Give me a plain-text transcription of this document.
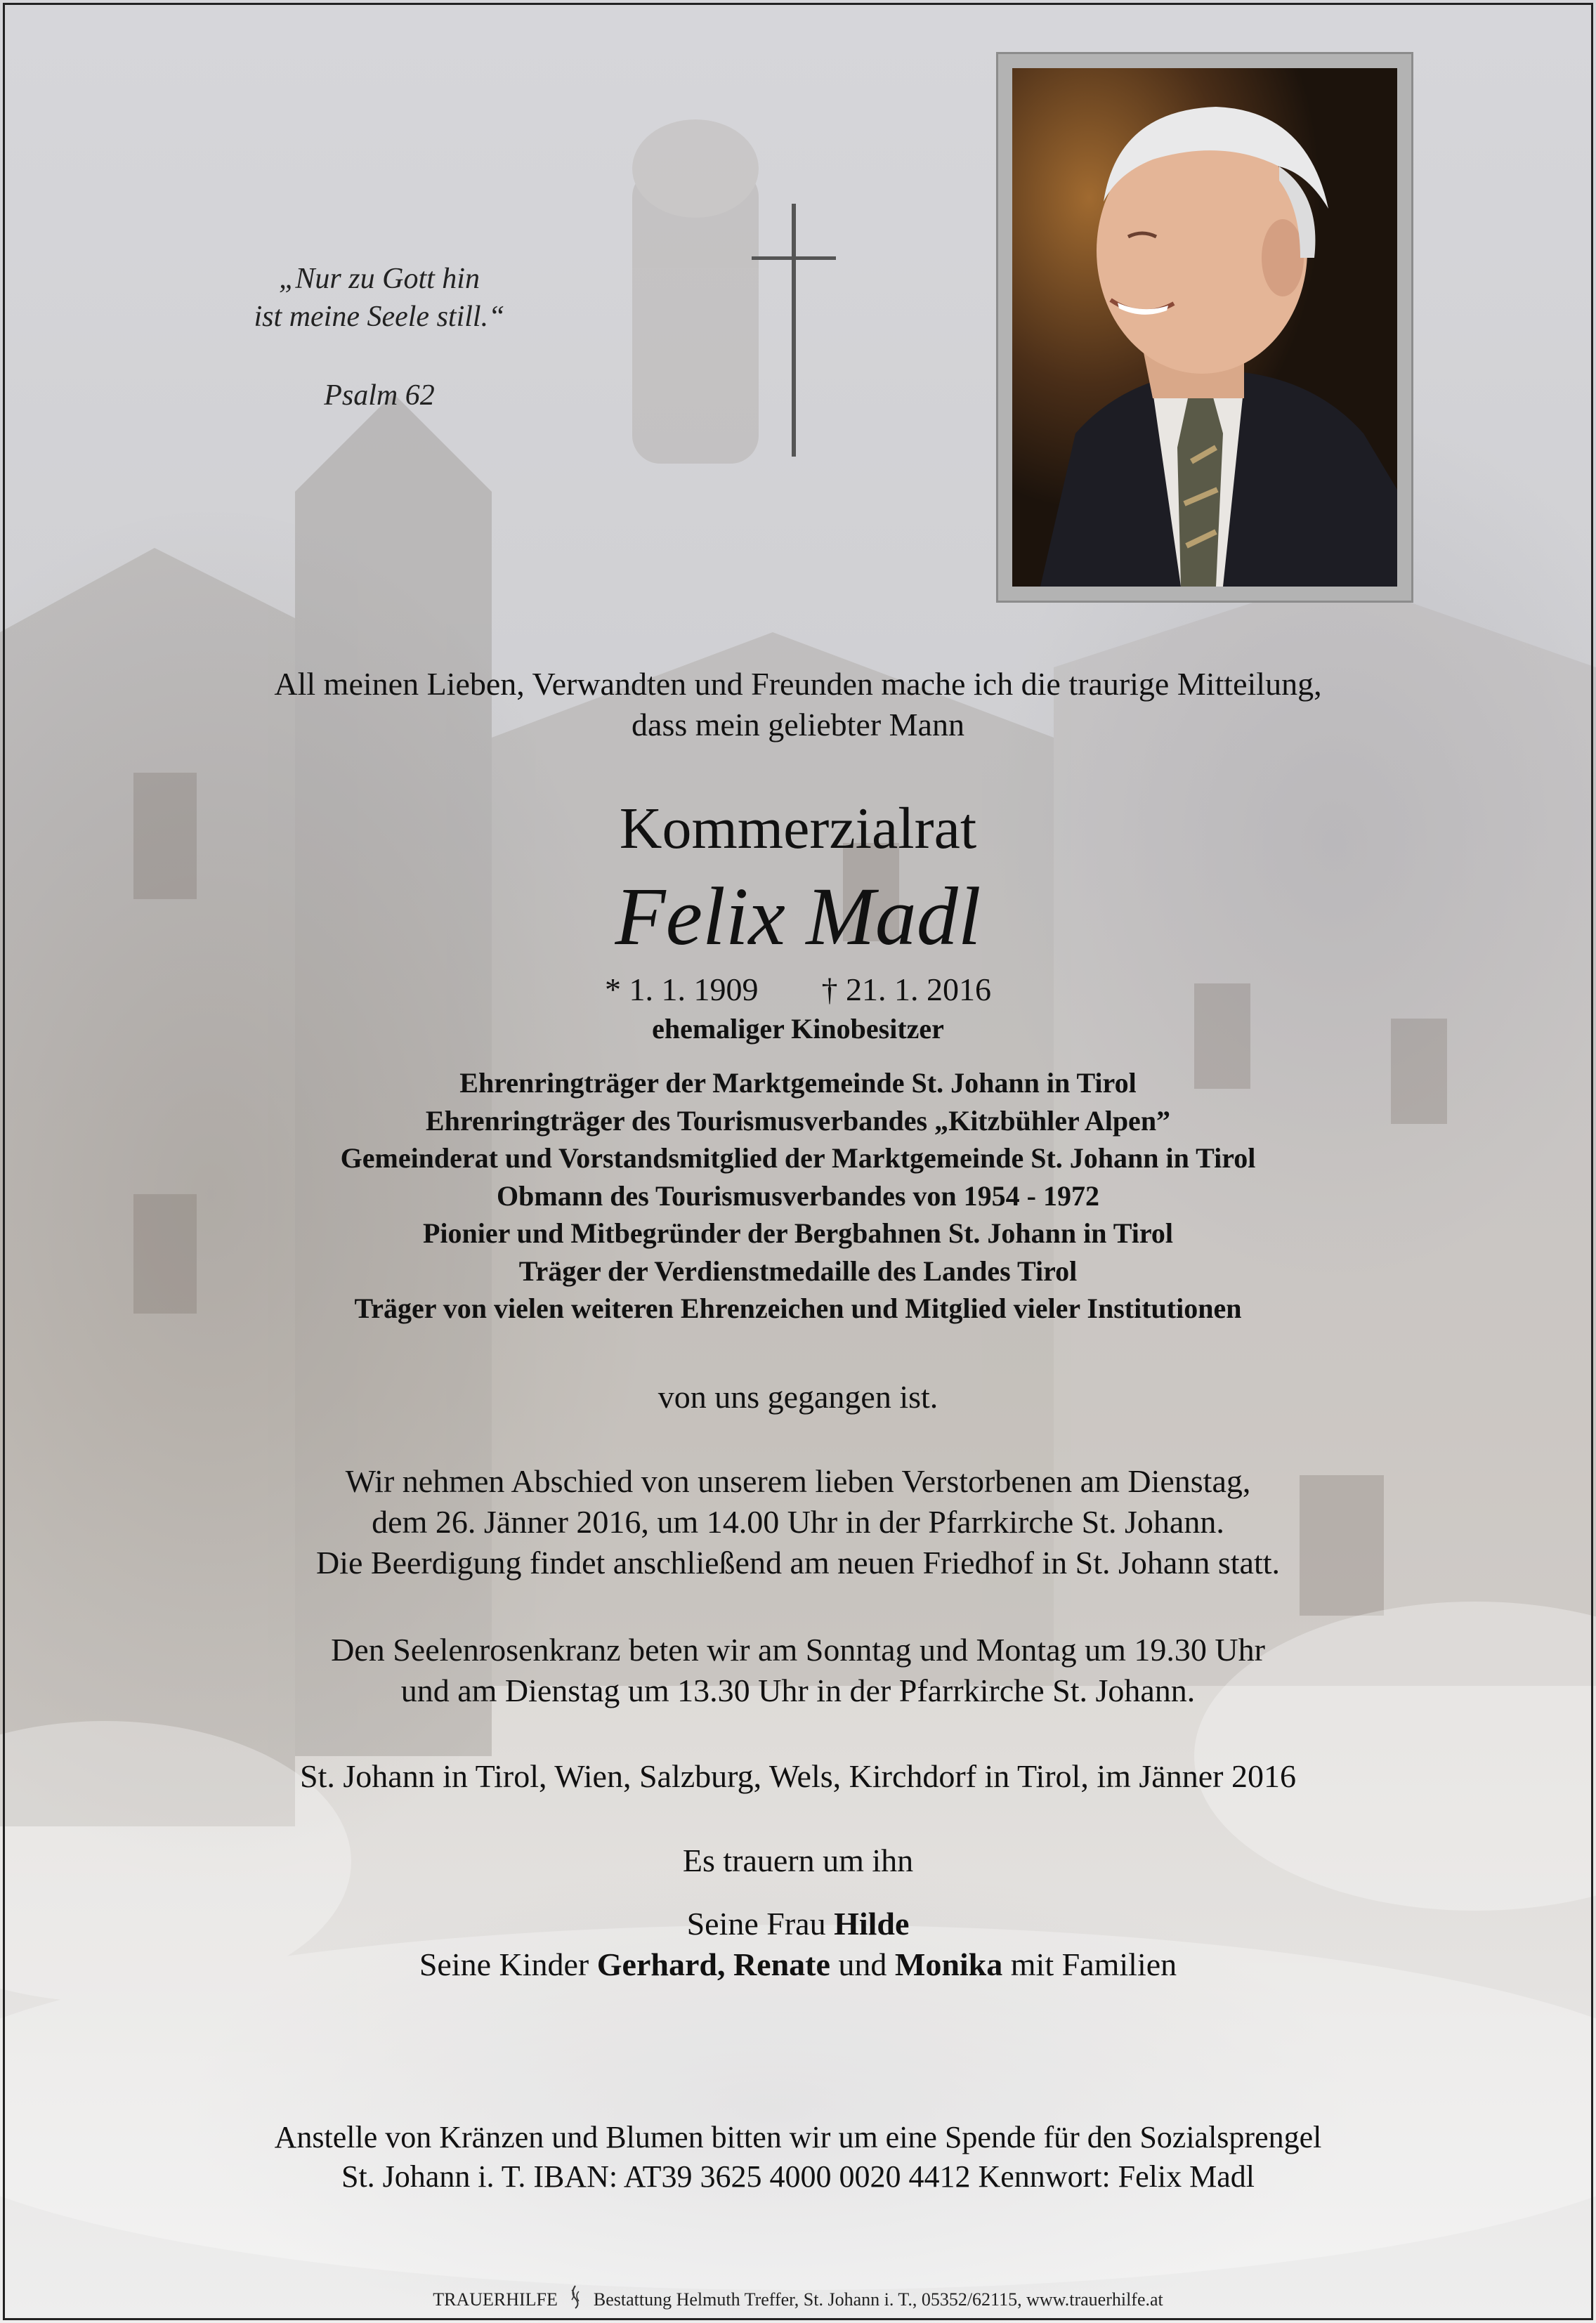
„Nur zu Gott hin
ist meine Seele still.“
Psalm 62
All meinen Lieben, Verwandten und Freunden mache ich die traurige Mitteilung,
dass mein geliebter Mann
Kommerzialrat
Felix Madl
* 1. 1. 1909 † 21. 1. 2016
ehemaliger Kinobesitzer
Ehrenringträger der Marktgemeinde St. Johann in Tirol
Ehrenringträger des Tourismusverbandes „Kitzbühler Alpen”
Gemeinderat und Vorstandsmitglied der Marktgemeinde St. Johann in Tirol
Obmann des Tourismusverbandes von 1954 - 1972
Pionier und Mitbegründer der Bergbahnen St. Johann in Tirol
Träger der Verdienstmedaille des Landes Tirol
Träger von vielen weiteren Ehrenzeichen und Mitglied vieler Institutionen
von uns gegangen ist.
Wir nehmen Abschied von unserem lieben Verstorbenen am Dienstag,
dem 26. Jänner 2016, um 14.00 Uhr in der Pfarrkirche St. Johann.
Die Beerdigung findet anschließend am neuen Friedhof in St. Johann statt.
Den Seelenrosenkranz beten wir am Sonntag und Montag um 19.30 Uhr
und am Dienstag um 13.30 Uhr in der Pfarrkirche St. Johann.
St. Johann in Tirol, Wien, Salzburg, Wels, Kirchdorf in Tirol, im Jänner 2016
Es trauern um ihn
Seine Frau Hilde
Seine Kinder Gerhard, Renate und Monika mit Familien
Anstelle von Kränzen und Blumen bitten wir um eine Spende für den Sozialsprengel
St. Johann i. T. IBAN: AT39 3625 4000 0020 4412 Kennwort: Felix Madl
TRAUERHILFE Bestattung Helmuth Treffer, St. Johann i. T., 05352/62115, www.trauerhilfe.at
